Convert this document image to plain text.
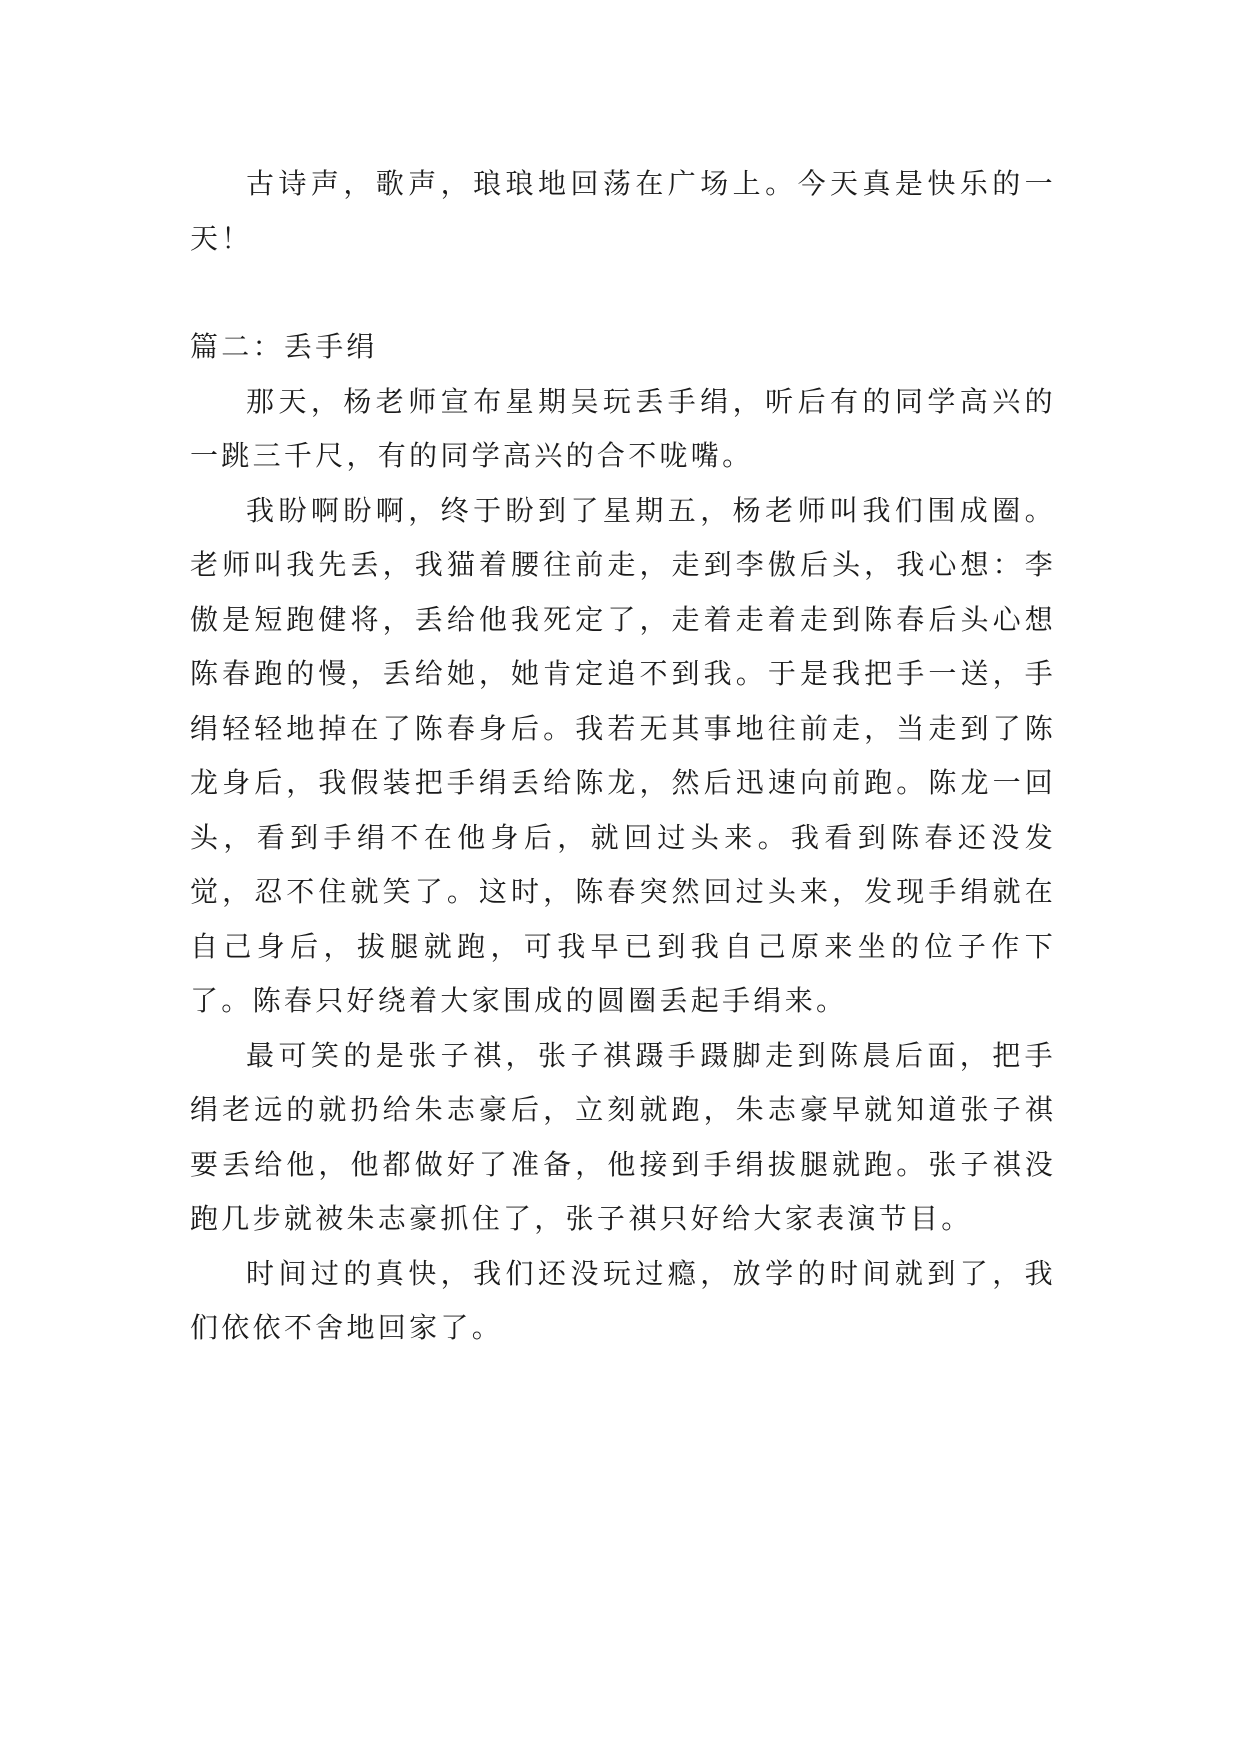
古诗声，歌声，琅琅地回荡在广场上。今天真是快乐的一天！

篇二：丢手绢

那天，杨老师宣布星期吴玩丢手绢，听后有的同学高兴的一跳三千尺，有的同学高兴的合不咙嘴。

我盼啊盼啊，终于盼到了星期五，杨老师叫我们围成圈。老师叫我先丢，我猫着腰往前走，走到李傲后头，我心想：李傲是短跑健将，丢给他我死定了，走着走着走到陈春后头心想陈春跑的慢，丢给她，她肯定追不到我。于是我把手一送，手绢轻轻地掉在了陈春身后。我若无其事地往前走，当走到了陈龙身后，我假装把手绢丢给陈龙，然后迅速向前跑。陈龙一回头，看到手绢不在他身后，就回过头来。我看到陈春还没发觉，忍不住就笑了。这时，陈春突然回过头来，发现手绢就在自己身后，拔腿就跑，可我早已到我自己原来坐的位子作下了。陈春只好绕着大家围成的圆圈丢起手绢来。

最可笑的是张子祺，张子祺蹑手蹑脚走到陈晨后面，把手绢老远的就扔给朱志豪后，立刻就跑，朱志豪早就知道张子祺要丢给他，他都做好了准备，他接到手绢拔腿就跑。张子祺没跑几步就被朱志豪抓住了，张子祺只好给大家表演节目。

时间过的真快，我们还没玩过瘾，放学的时间就到了，我们依依不舍地回家了。
